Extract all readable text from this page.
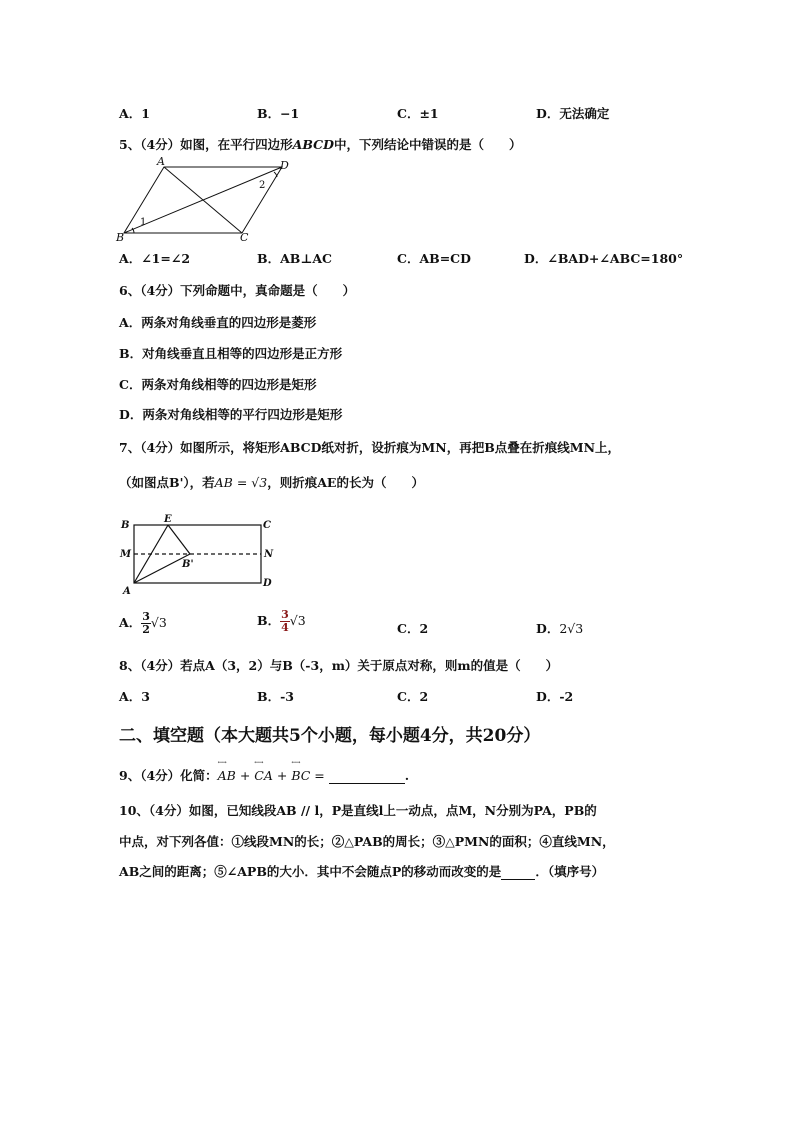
A．1	B．−1	C．±1	D．无法确定
5、（4分）如图，在平行四边形ABCD中，下列结论中错误的是（　　）
A	D
B	C
1
2
A．∠1=∠2	B．AB⊥AC	C．AB=CD	D．∠BAD+∠ABC=180°
6、（4分）下列命题中，真命题是（　　）
A．两条对角线垂直的四边形是菱形
B．对角线垂直且相等的四边形是正方形
C．两条对角线相等的四边形是矩形
D．两条对角线相等的平行四边形是矩形
7、（4分）如图所示，将矩形ABCD纸对折，设折痕为MN，再把B点叠在折痕线MN上，
（如图点B'），若AB = √3，则折痕AE的长为（　　）
B
E
C
M	N
B'
A
D
A． $\frac{3}{2} √3$	B． $\frac{3}{4} √3$
C．2	D．2√3
8、（4分）若点A（3，2）与B（-3，m）关于原点对称，则m的值是（　　）
A．3	B．-3	C．2	D．-2
二、填空题（本大题共5个小题，每小题4分，共20分）
9、（4分）化简：←→ AB + ←→ CA + ←→ BC =	.
10、（4分）如图，已知线段AB // l，P是直线l上一动点，点M，N分别为PA，PB的
中点，对下列各值：①线段MN的长；②△PAB的周长；③△PMN的面积；④直线MN，
AB之间的距离；⑤∠APB的大小．其中不会随点P的移动而改变的是	．（填序号）
